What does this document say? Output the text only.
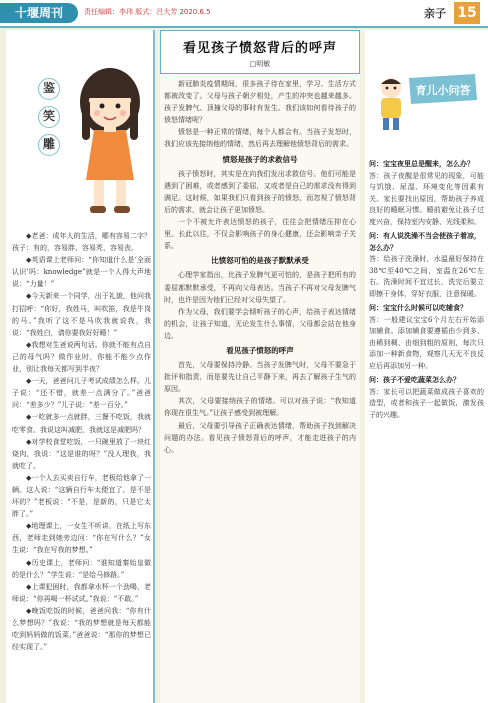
十堰周刊	责任编辑：李玮 版式：吕大芳 2020.6.5	亲子 15
鉴
笑
雕

◆老爸：成年人的生活，哪有容易二字？孩子：有的，容易胖、容易秃、容易丧。

◆英语课上老师问：“你知道什么是‘全面认识’吗：knowledge”就是一个人得大声地说：“力量！”

◆今天新来一个同学，出于礼貌，他问我打招呼：“你好，我姓马，叫吹笛，我是牛岗的马。”我听了这不是马吹我就说我，我说：“我姓白，请你要我好好睡！”

◆我想对生爸说两句话。你就不能有点自己的母气吗？做作业时，你能不能少点作业，别让我每天都写到半夜？

◆一天，爸爸问儿子考试成绩怎么样。儿子说：“还不错，就差一点满分了。”爸爸问：“差多少？”儿子说：“差一百分。”

◆一吃就多一点就胖，三餐不吃饭，我就吃零食。我说这叫减肥，我就这是减肥吗？

◆对学校食堂吃饭，一只碗里放了一块红烧肉，我说：“这是谁的呀？”没人理我，我就吃了。

◆一个人去买卖自行车，老板给他拿了一辆。这人说：“这辆自行车太便宜了，是不是坏的？”老板说：“不是，是新的，只是它太胖了。”

◆地理课上，一女生不听讲，在纸上写东西，老师走到她旁边问：“你在写什么？”女生说：“我在写我的梦想。”

◆历史课上，老师问：“谁知道秦始皇做的是什么？”学生说：“是给马修路。”

◆上课犯困时，我都拿水杯一个劲喝，老师说：“你再喝一杯试试。”我说：“不敢。”

◆晚饭吃饭的时候，爸爸问我：“你有什么梦想吗？”我说：“我的梦想就是每天都能吃到妈妈做的饭菜。”爸爸说：“那你的梦想已经实现了。”

看见孩子愤怒背后的呼声
□明敏

新冠肺炎疫情期间，很多孩子待在家里，学习、生活方式都被改变了。父母与孩子朝夕相处，产生的冲突也越来越多。孩子发脾气、顶撞父母的事时有发生。我们该如何看待孩子的愤怒情绪呢？

愤怒是一种正常的情绪，每个人都会有。当孩子发怒时，我们应该先接纳他的情绪，然后再去理解他愤怒背后的需求。

愤怒是孩子的求救信号

孩子愤怒时，其实是在向我们发出求救信号。他们可能是遇到了困难，或者感到了委屈，又或者是自己的需求没有得到满足。这时候，如果我们只看到孩子的愤怒，而忽视了愤怒背后的需求，就会让孩子更加愤怒。

一个不被允许表达愤怒的孩子，往往会把情绪压抑在心里。长此以往，不仅会影响孩子的身心健康，还会影响亲子关系。

比愤怒可怕的是孩子默默承受

心理学家指出，比孩子发脾气更可怕的，是孩子把所有的委屈都默默承受，不再向父母表达。当孩子不再对父母发脾气时，也许是因为他们已经对父母失望了。

作为父母，我们要学会倾听孩子的心声，给孩子表达情绪的机会，让孩子知道，无论发生什么事情，父母都会站在他身边。

看见孩子愤怒的呼声

首先，父母要保持冷静。当孩子发脾气时，父母不要急于批评和指责，而是要先让自己平静下来，再去了解孩子生气的原因。

其次，父母要接纳孩子的情绪。可以对孩子说：“我知道你现在很生气。”让孩子感受到被理解。

最后，父母要引导孩子正确表达情绪，帮助孩子找到解决问题的办法。看见孩子愤怒背后的呼声，才能走进孩子的内心。

育儿小问答
问：宝宝夜里总是醒来，怎么办？
答：孩子夜醒是很常见的现象，可能与饥饿、尿湿、环境变化等因素有关。家长要找出原因，帮助孩子养成良好的睡眠习惯。睡前避免让孩子过度兴奋，保持室内安静、光线柔和。
问：有人说洗澡不当会使孩子着凉，怎么办？
答：给孩子洗澡时，水温最好保持在38℃至40℃之间，室温在26℃左右。洗澡时间不宜过长，洗完后要立即擦干身体，穿好衣服，注意保暖。
问：宝宝什么时候可以吃辅食？
答：一般建议宝宝6个月左右开始添加辅食。添加辅食要遵循由少到多、由稀到稠、由细到粗的原则，每次只添加一种新食物，观察几天无不良反应后再添加另一种。
问：孩子不爱吃蔬菜怎么办？
答：家长可以把蔬菜做成孩子喜欢的造型，或者和孩子一起做饭，激发孩子的兴趣。
